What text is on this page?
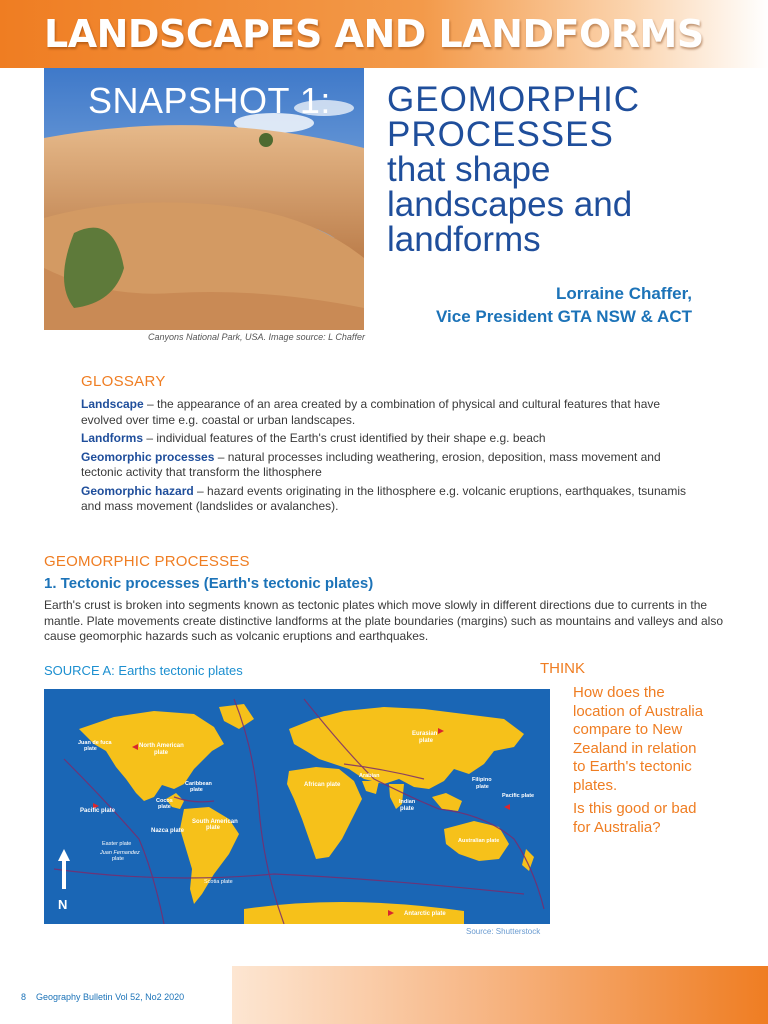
LANDSCAPES AND LANDFORMS
SNAPSHOT 1:
Canyons National Park, USA. Image source: L Chaffer
GEOMORPHIC
PROCESSES
that shape
landscapes and
landforms
Lorraine Chaffer,
Vice President GTA NSW & ACT
GLOSSARY

Landscape – the appearance of an area created by a combination of physical and cultural features that have evolved over time e.g. coastal or urban landscapes.

Landforms – individual features of the Earth's crust identified by their shape e.g. beach

Geomorphic processes – natural processes including weathering, erosion, deposition, mass movement and tectonic activity that transform the lithosphere

Geomorphic hazard – hazard events originating in the lithosphere e.g. volcanic eruptions, earthquakes, tsunamis and mass movement (landslides or avalanches).

GEOMORPHIC PROCESSES
1. Tectonic processes (Earth's tectonic plates)
Earth's crust is broken into segments known as tectonic plates which move slowly in different directions due to currents in the mantle. Plate movements create distinctive landforms at the plate boundaries (margins) such as mountains and valleys and also cause geomorphic hazards such as volcanic eruptions and earthquakes.
SOURCE A: Earths tectonic plates
Juan de fuca
plate	North American
plate
Eurasian
plate
Arabian
African plate
Indian
plate
Filipino
plate
Pacific plate
Pacific plate
Caribbean
plate
Cocos
plate
Nazca plate
South American
plate
Easter plate
Juan Fernandez
plate
Australian plate
Scotia plate
Antarctic plate
N
Source: Shutterstock
THINK
How does the
location of Australia
compare to New
Zealand in relation
to Earth's tectonic
plates.
Is this good or bad
for Australia?
8 Geography Bulletin Vol 52, No2 2020
